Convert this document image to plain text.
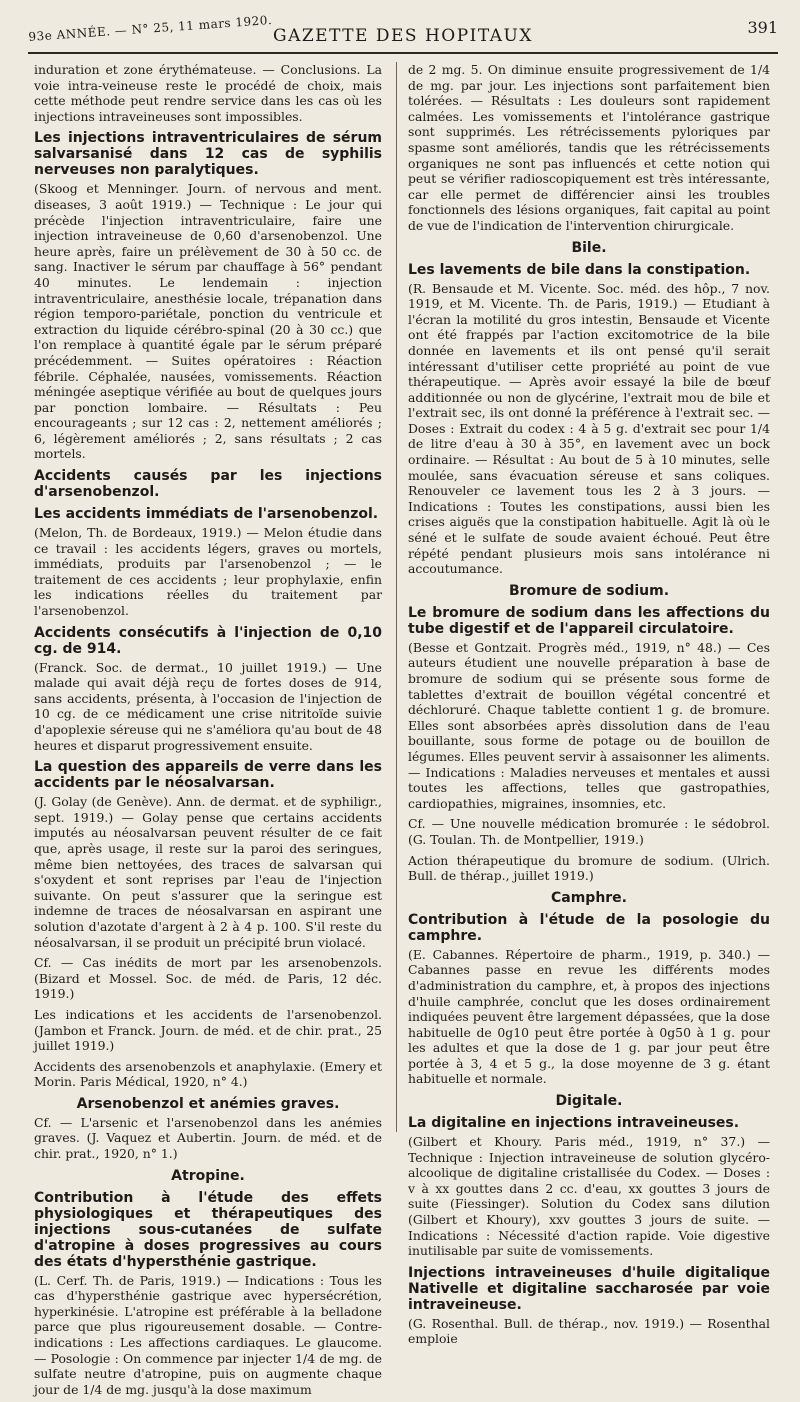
93e ANNÉE. — N° 25, 11 mars 1920. GAZETTE DES HOPITAUX	391

induration et zone érythémateuse. — Conclusions. La voie intra-veineuse reste le procédé de choix, mais cette méthode peut rendre service dans les cas où les injections intraveineuses sont impossibles.

Les injections intraventriculaires de sérum salvarsanisé dans 12 cas de syphilis nerveuses non paralytiques.

(Skoog et Menninger. Journ. of nervous and ment. diseases, 3 août 1919.) — Technique : Le jour qui précède l'injection intraventriculaire, faire une injection intraveineuse de 0,60 d'arsenobenzol. Une heure après, faire un prélèvement de 30 à 50 cc. de sang. Inactiver le sérum par chauffage à 56° pendant 40 minutes. Le lendemain : injection intraventriculaire, anesthésie locale, trépanation dans région temporo-pariétale, ponction du ventricule et extraction du liquide cérébro-spinal (20 à 30 cc.) que l'on remplace à quantité égale par le sérum préparé précédemment. — Suites opératoires : Réaction fébrile. Céphalée, nausées, vomissements. Réaction méningée aseptique vérifiée au bout de quelques jours par ponction lombaire. — Résultats : Peu encourageants ; sur 12 cas : 2, nettement améliorés ; 6, légèrement améliorés ; 2, sans résultats ; 2 cas mortels.

Accidents causés par les injections d'arsenobenzol.
Les accidents immédiats de l'arsenobenzol.

(Melon, Th. de Bordeaux, 1919.) — Melon étudie dans ce travail : les accidents légers, graves ou mortels, immédiats, produits par l'arsenobenzol ; — le traitement de ces accidents ; leur prophylaxie, enfin les indications réelles du traitement par l'arsenobenzol.

Accidents consécutifs à l'injection de 0,10 cg. de 914.

(Franck. Soc. de dermat., 10 juillet 1919.) — Une malade qui avait déjà reçu de fortes doses de 914, sans accidents, présenta, à l'occasion de l'injection de 10 cg. de ce médicament une crise nitritoïde suivie d'apoplexie séreuse qui ne s'améliora qu'au bout de 48 heures et disparut progressivement ensuite.

La question des appareils de verre dans les accidents par le néosalvarsan.

(J. Golay (de Genève). Ann. de dermat. et de syphiligr., sept. 1919.) — Golay pense que certains accidents imputés au néosalvarsan peuvent résulter de ce fait que, après usage, il reste sur la paroi des seringues, même bien nettoyées, des traces de salvarsan qui s'oxydent et sont reprises par l'eau de l'injection suivante. On peut s'assurer que la seringue est indemne de traces de néosalvarsan en aspirant une solution d'azotate d'argent à 2 à 4 p. 100. S'il reste du néosalvarsan, il se produit un précipité brun violacé.

Cf. — Cas inédits de mort par les arsenobenzols. (Bizard et Mossel. Soc. de méd. de Paris, 12 déc. 1919.)

Les indications et les accidents de l'arsenobenzol. (Jambon et Franck. Journ. de méd. et de chir. prat., 25 juillet 1919.)

Accidents des arsenobenzols et anaphylaxie. (Emery et Morin. Paris Médical, 1920, n° 4.)

Arsenobenzol et anémies graves.

Cf. — L'arsenic et l'arsenobenzol dans les anémies graves. (J. Vaquez et Aubertin. Journ. de méd. et de chir. prat., 1920, n° 1.)

Atropine.
Contribution à l'étude des effets physiologiques et thérapeutiques des injections sous-cutanées de sulfate d'atropine à doses progressives au cours des états d'hypersthénie gastrique.

(L. Cerf. Th. de Paris, 1919.) — Indications : Tous les cas d'hypersthénie gastrique avec hypersécrétion, hyperkinésie. L'atropine est préférable à la belladone parce que plus rigoureusement dosable. — Contre-indications : Les affections cardiaques. Le glaucome. — Posologie : On commence par injecter 1/4 de mg. de sulfate neutre d'atropine, puis on augmente chaque jour de 1/4 de mg. jusqu'à la dose maximum

de 2 mg. 5. On diminue ensuite progressivement de 1/4 de mg. par jour. Les injections sont parfaitement bien tolérées. — Résultats : Les douleurs sont rapidement calmées. Les vomissements et l'intolérance gastrique sont supprimés. Les rétrécissements pyloriques par spasme sont améliorés, tandis que les rétrécissements organiques ne sont pas influencés et cette notion qui peut se vérifier radioscopiquement est très intéressante, car elle permet de différencier ainsi les troubles fonctionnels des lésions organiques, fait capital au point de vue de l'indication de l'intervention chirurgicale.

Bile.
Les lavements de bile dans la constipation.

(R. Bensaude et M. Vicente. Soc. méd. des hôp., 7 nov. 1919, et M. Vicente. Th. de Paris, 1919.) — Etudiant à l'écran la motilité du gros intestin, Bensaude et Vicente ont été frappés par l'action excitomotrice de la bile donnée en lavements et ils ont pensé qu'il serait intéressant d'utiliser cette propriété au point de vue thérapeutique. — Après avoir essayé la bile de bœuf additionnée ou non de glycérine, l'extrait mou de bile et l'extrait sec, ils ont donné la préférence à l'extrait sec. — Doses : Extrait du codex : 4 à 5 g. d'extrait sec pour 1/4 de litre d'eau à 30 à 35°, en lavement avec un bock ordinaire. — Résultat : Au bout de 5 à 10 minutes, selle moulée, sans évacuation séreuse et sans coliques. Renouveler ce lavement tous les 2 à 3 jours. — Indications : Toutes les constipations, aussi bien les crises aiguës que la constipation habituelle. Agit là où le séné et le sulfate de soude avaient échoué. Peut être répété pendant plusieurs mois sans intolérance ni accoutumance.

Bromure de sodium.
Le bromure de sodium dans les affections du tube digestif et de l'appareil circulatoire.

(Besse et Gontzait. Progrès méd., 1919, n° 48.) — Ces auteurs étudient une nouvelle préparation à base de bromure de sodium qui se présente sous forme de tablettes d'extrait de bouillon végétal concentré et déchloruré. Chaque tablette contient 1 g. de bromure. Elles sont absorbées après dissolution dans de l'eau bouillante, sous forme de potage ou de bouillon de légumes. Elles peuvent servir à assaisonner les aliments. — Indications : Maladies nerveuses et mentales et aussi toutes les affections, telles que gastropathies, cardiopathies, migraines, insomnies, etc.

Cf. — Une nouvelle médication bromurée : le sédobrol. (G. Toulan. Th. de Montpellier, 1919.)

Action thérapeutique du bromure de sodium. (Ulrich. Bull. de thérap., juillet 1919.)

Camphre.
Contribution à l'étude de la posologie du camphre.

(E. Cabannes. Répertoire de pharm., 1919, p. 340.) — Cabannes passe en revue les différents modes d'administration du camphre, et, à propos des injections d'huile camphrée, conclut que les doses ordinairement indiquées peuvent être largement dépassées, que la dose habituelle de 0g10 peut être portée à 0g50 à 1 g. pour les adultes et que la dose de 1 g. par jour peut être portée à 3, 4 et 5 g., la dose moyenne de 3 g. étant habituelle et normale.

Digitale.
La digitaline en injections intraveineuses.

(Gilbert et Khoury. Paris méd., 1919, n° 37.) — Technique : Injection intraveineuse de solution glycéro-alcoolique de digitaline cristallisée du Codex. — Doses : v à xx gouttes dans 2 cc. d'eau, xx gouttes 3 jours de suite (Fiessinger). Solution du Codex sans dilution (Gilbert et Khoury), xxv gouttes 3 jours de suite. — Indications : Nécessité d'action rapide. Voie digestive inutilisable par suite de vomissements.

Injections intraveineuses d'huile digitalique Nativelle et digitaline saccharosée par voie intraveineuse.

(G. Rosenthal. Bull. de thérap., nov. 1919.) — Rosenthal emploie
